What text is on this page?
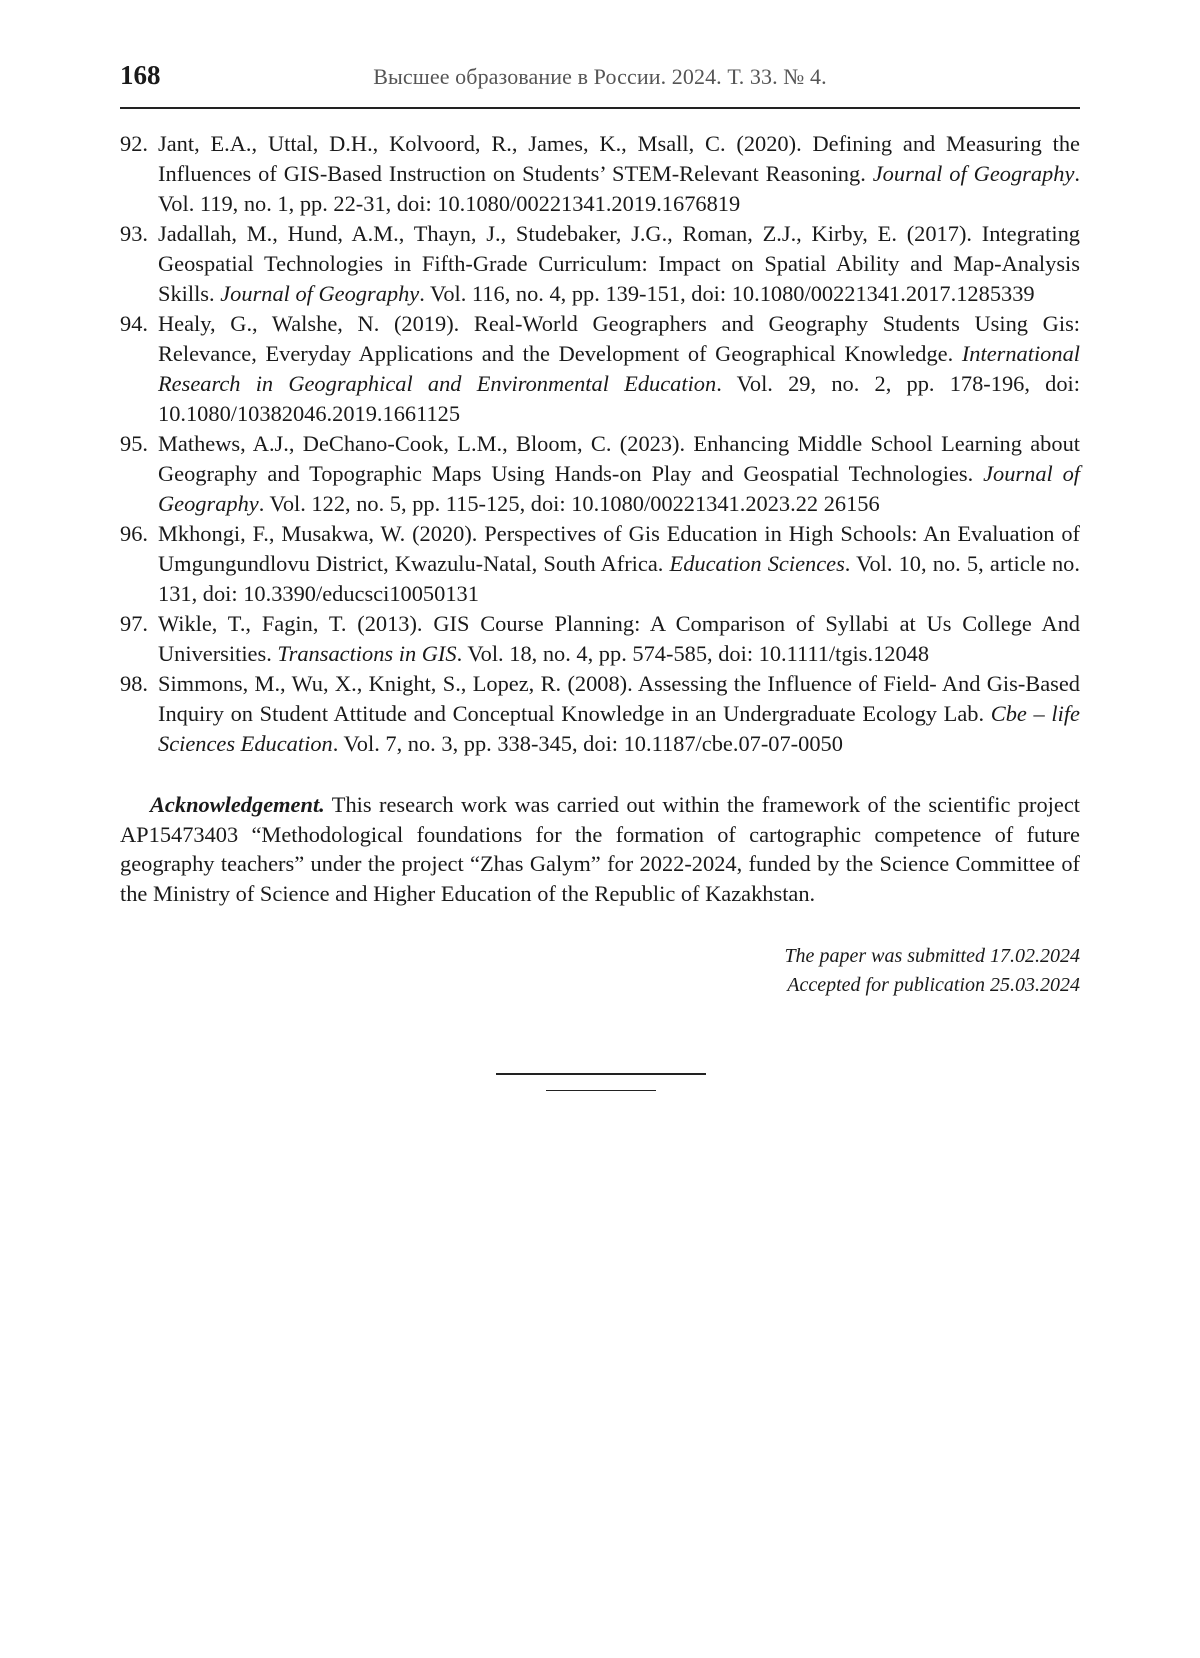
168	Высшее образование в России. 2024. Т. 33. № 4.
92. Jant, E.A., Uttal, D.H., Kolvoord, R., James, K., Msall, C. (2020). Defining and Measuring the Influences of GIS-Based Instruction on Students’ STEM-Relevant Reasoning. Journal of Geography. Vol. 119, no. 1, pp. 22-31, doi: 10.1080/00221341.2019.1676819
93. Jadallah, M., Hund, A.M., Thayn, J., Studebaker, J.G., Roman, Z.J., Kirby, E. (2017). Integrating Geospatial Technologies in Fifth-Grade Curriculum: Impact on Spatial Ability and Map-Analysis Skills. Journal of Geography. Vol. 116, no. 4, pp. 139-151, doi: 10.1080/00221341.2017.1285339
94. Healy, G., Walshe, N. (2019). Real-World Geographers and Geography Students Using Gis: Relevance, Everyday Applications and the Development of Geographical Knowledge. International Research in Geographical and Environmental Education. Vol. 29, no. 2, pp. 178-196, doi: 10.1080/10382046.2019.1661125
95. Mathews, A.J., DeChano-Cook, L.M., Bloom, C. (2023). Enhancing Middle School Learning about Geography and Topographic Maps Using Hands-on Play and Geospatial Technologies. Journal of Geography. Vol. 122, no. 5, pp. 115-125, doi: 10.1080/00221341.2023.22 26156
96. Mkhongi, F., Musakwa, W. (2020). Perspectives of Gis Education in High Schools: An Evaluation of Umgungundlovu District, Kwazulu-Natal, South Africa. Education Sciences. Vol. 10, no. 5, article no. 131, doi: 10.3390/educsci10050131
97. Wikle, T., Fagin, T. (2013). GIS Course Planning: A Comparison of Syllabi at Us College And Universities. Transactions in GIS. Vol. 18, no. 4, pp. 574-585, doi: 10.1111/tgis.12048
98. Simmons, M., Wu, X., Knight, S., Lopez, R. (2008). Assessing the Influence of Field- And Gis-Based Inquiry on Student Attitude and Conceptual Knowledge in an Undergraduate Ecology Lab. Cbe – life Sciences Education. Vol. 7, no. 3, pp. 338-345, doi: 10.1187/cbe.07-07-0050

Acknowledgement. This research work was carried out within the framework of the scientific project AP15473403 “Methodological foundations for the formation of cartographic competence of future geography teachers” under the project “Zhas Galym” for 2022-2024, funded by the Science Committee of the Ministry of Science and Higher Education of the Republic of Kazakhstan.

The paper was submitted 17.02.2024
Accepted for publication 25.03.2024
